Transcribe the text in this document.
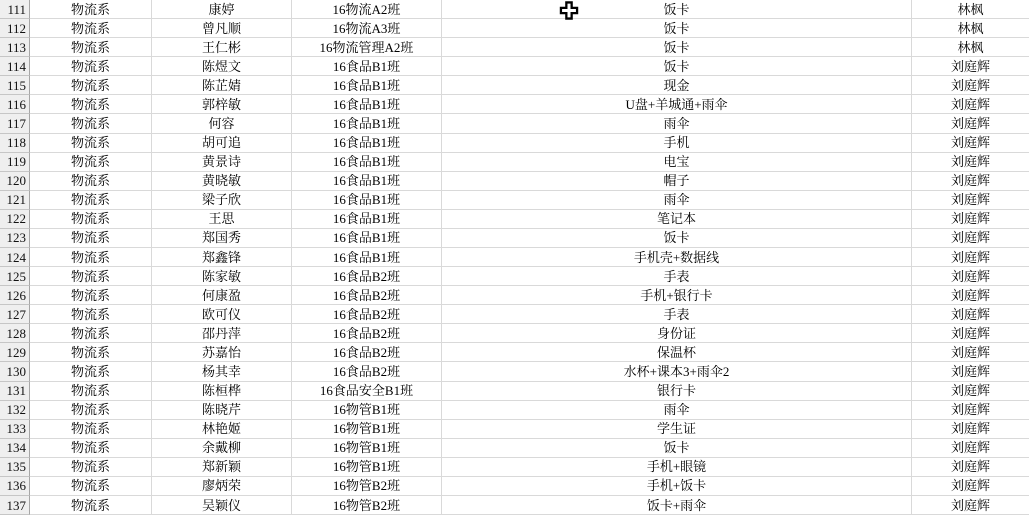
111	物流系	康婷	16物流A2班	饭卡	林枫
112	物流系	曾凡顺	16物流A3班	饭卡	林枫
113	物流系	王仁彬	16物流管理A2班	饭卡	林枫
114	物流系	陈煜文	16食品B1班	饭卡	刘庭辉
115	物流系	陈芷婧	16食品B1班	现金	刘庭辉
116	物流系	郭梓敏	16食品B1班	U盘+羊城通+雨伞	刘庭辉
117	物流系	何容	16食品B1班	雨伞	刘庭辉
118	物流系	胡可追	16食品B1班	手机	刘庭辉
119	物流系	黄景诗	16食品B1班	电宝	刘庭辉
120	物流系	黄晓敏	16食品B1班	帽子	刘庭辉
121	物流系	梁子欣	16食品B1班	雨伞	刘庭辉
122	物流系	王思	16食品B1班	笔记本	刘庭辉
123	物流系	郑国秀	16食品B1班	饭卡	刘庭辉
124	物流系	郑鑫锋	16食品B1班	手机壳+数据线	刘庭辉
125	物流系	陈家敏	16食品B2班	手表	刘庭辉
126	物流系	何康盈	16食品B2班	手机+银行卡	刘庭辉
127	物流系	欧可仪	16食品B2班	手表	刘庭辉
128	物流系	邵丹萍	16食品B2班	身份证	刘庭辉
129	物流系	苏嘉怡	16食品B2班	保温杯	刘庭辉
130	物流系	杨其幸	16食品B2班	水杯+课本3+雨伞2	刘庭辉
131	物流系	陈桓桦	16食品安全B1班	银行卡	刘庭辉
132	物流系	陈晓芹	16物管B1班	雨伞	刘庭辉
133	物流系	林艳姬	16物管B1班	学生证	刘庭辉
134	物流系	余戴柳	16物管B1班	饭卡	刘庭辉
135	物流系	郑新颖	16物管B1班	手机+眼镜	刘庭辉
136	物流系	廖炳荣	16物管B2班	手机+饭卡	刘庭辉
137	物流系	吴颖仪	16物管B2班	饭卡+雨伞	刘庭辉
